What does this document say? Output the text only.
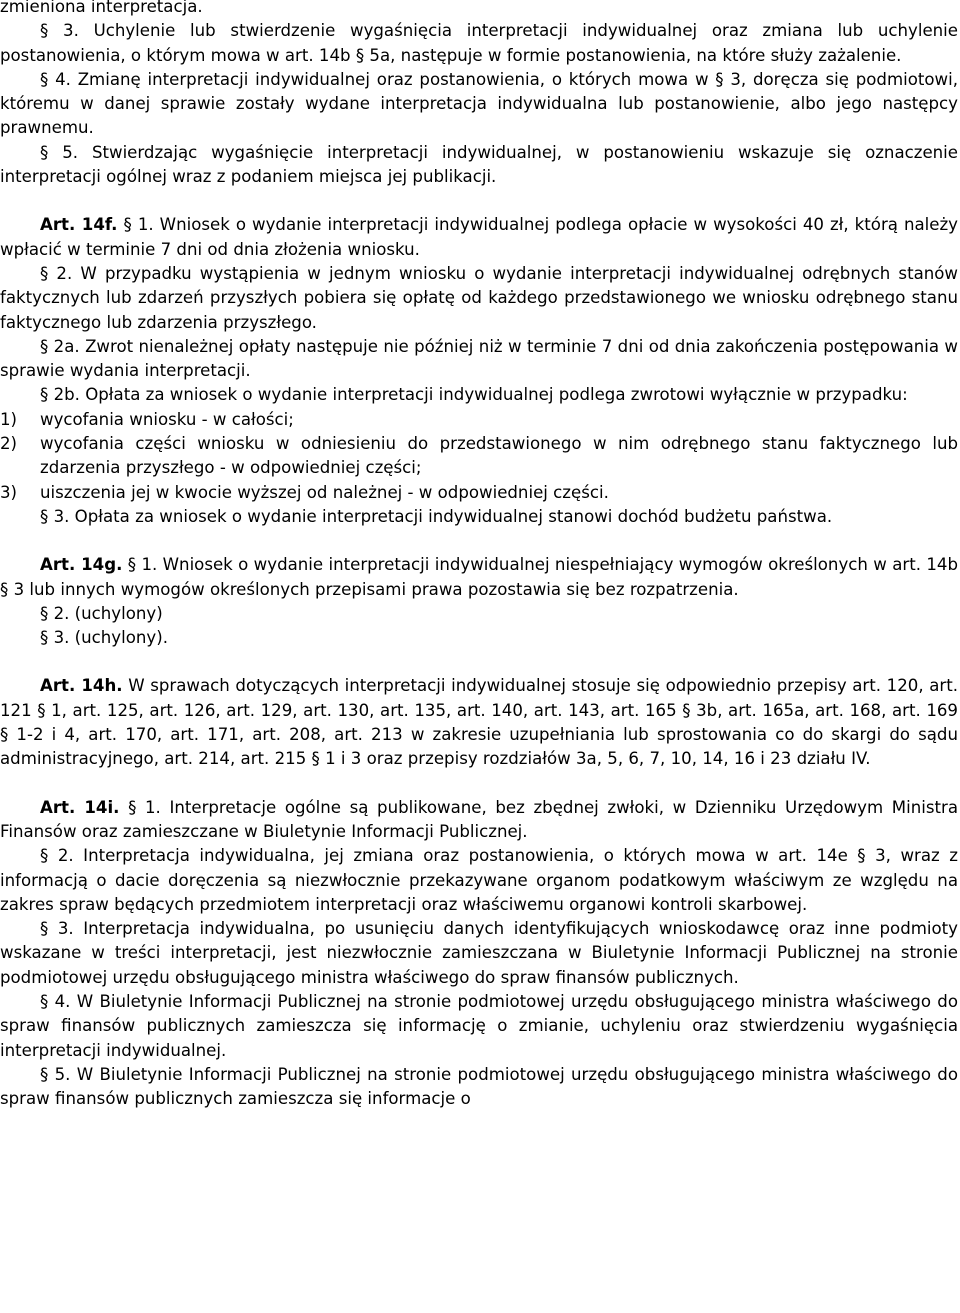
zmieniona interpretacja.

§ 3. Uchylenie lub stwierdzenie wygaśnięcia interpretacji indywidualnej oraz zmiana lub uchylenie postanowienia, o którym mowa w art. 14b § 5a, następuje w formie postanowienia, na które służy zażalenie.

§ 4. Zmianę interpretacji indywidualnej oraz postanowienia, o których mowa w § 3, doręcza się podmiotowi, któremu w danej sprawie zostały wydane interpretacja indywidualna lub postanowienie, albo jego następcy prawnemu.

§ 5. Stwierdzając wygaśnięcie interpretacji indywidualnej, w postanowieniu wskazuje się oznaczenie interpretacji ogólnej wraz z podaniem miejsca jej publikacji.

Art. 14f. § 1. Wniosek o wydanie interpretacji indywidualnej podlega opłacie w wysokości 40 zł, którą należy wpłacić w terminie 7 dni od dnia złożenia wniosku.

§ 2. W przypadku wystąpienia w jednym wniosku o wydanie interpretacji indywidualnej odrębnych stanów faktycznych lub zdarzeń przyszłych pobiera się opłatę od każdego przedstawionego we wniosku odrębnego stanu faktycznego lub zdarzenia przyszłego.

§ 2a. Zwrot nienależnej opłaty następuje nie później niż w terminie 7 dni od dnia zakończenia postępowania w sprawie wydania interpretacji.

§ 2b. Opłata za wniosek o wydanie interpretacji indywidualnej podlega zwrotowi wyłącznie w przypadku:

1)	wycofania wniosku - w całości;
2)	wycofania części wniosku w odniesieniu do przedstawionego w nim odrębnego stanu faktycznego lub zdarzenia przyszłego - w odpowiedniej części;
3)	uiszczenia jej w kwocie wyższej od należnej - w odpowiedniej części.

§ 3. Opłata za wniosek o wydanie interpretacji indywidualnej stanowi dochód budżetu państwa.

Art. 14g. § 1. Wniosek o wydanie interpretacji indywidualnej niespełniający wymogów określonych w art. 14b § 3 lub innych wymogów określonych przepisami prawa pozostawia się bez rozpatrzenia.

§ 2. (uchylony)

§ 3. (uchylony).

Art. 14h. W sprawach dotyczących interpretacji indywidualnej stosuje się odpowiednio przepisy art. 120, art. 121 § 1, art. 125, art. 126, art. 129, art. 130, art. 135, art. 140, art. 143, art. 165 § 3b, art. 165a, art. 168, art. 169 § 1-2 i 4, art. 170, art. 171, art. 208, art. 213 w zakresie uzupełniania lub sprostowania co do skargi do sądu administracyjnego, art. 214, art. 215 § 1 i 3 oraz przepisy rozdziałów 3a, 5, 6, 7, 10, 14, 16 i 23 działu IV.

Art. 14i. § 1. Interpretacje ogólne są publikowane, bez zbędnej zwłoki, w Dzienniku Urzędowym Ministra Finansów oraz zamieszczane w Biuletynie Informacji Publicznej.

§ 2. Interpretacja indywidualna, jej zmiana oraz postanowienia, o których mowa w art. 14e § 3, wraz z informacją o dacie doręczenia są niezwłocznie przekazywane organom podatkowym właściwym ze względu na zakres spraw będących przedmiotem interpretacji oraz właściwemu organowi kontroli skarbowej.

§ 3. Interpretacja indywidualna, po usunięciu danych identyfikujących wnioskodawcę oraz inne podmioty wskazane w treści interpretacji, jest niezwłocznie zamieszczana w Biuletynie Informacji Publicznej na stronie podmiotowej urzędu obsługującego ministra właściwego do spraw finansów publicznych.

§ 4. W Biuletynie Informacji Publicznej na stronie podmiotowej urzędu obsługującego ministra właściwego do spraw finansów publicznych zamieszcza się informację o zmianie, uchyleniu oraz stwierdzeniu wygaśnięcia interpretacji indywidualnej.

§ 5. W Biuletynie Informacji Publicznej na stronie podmiotowej urzędu obsługującego ministra właściwego do spraw finansów publicznych zamieszcza się informacje o
